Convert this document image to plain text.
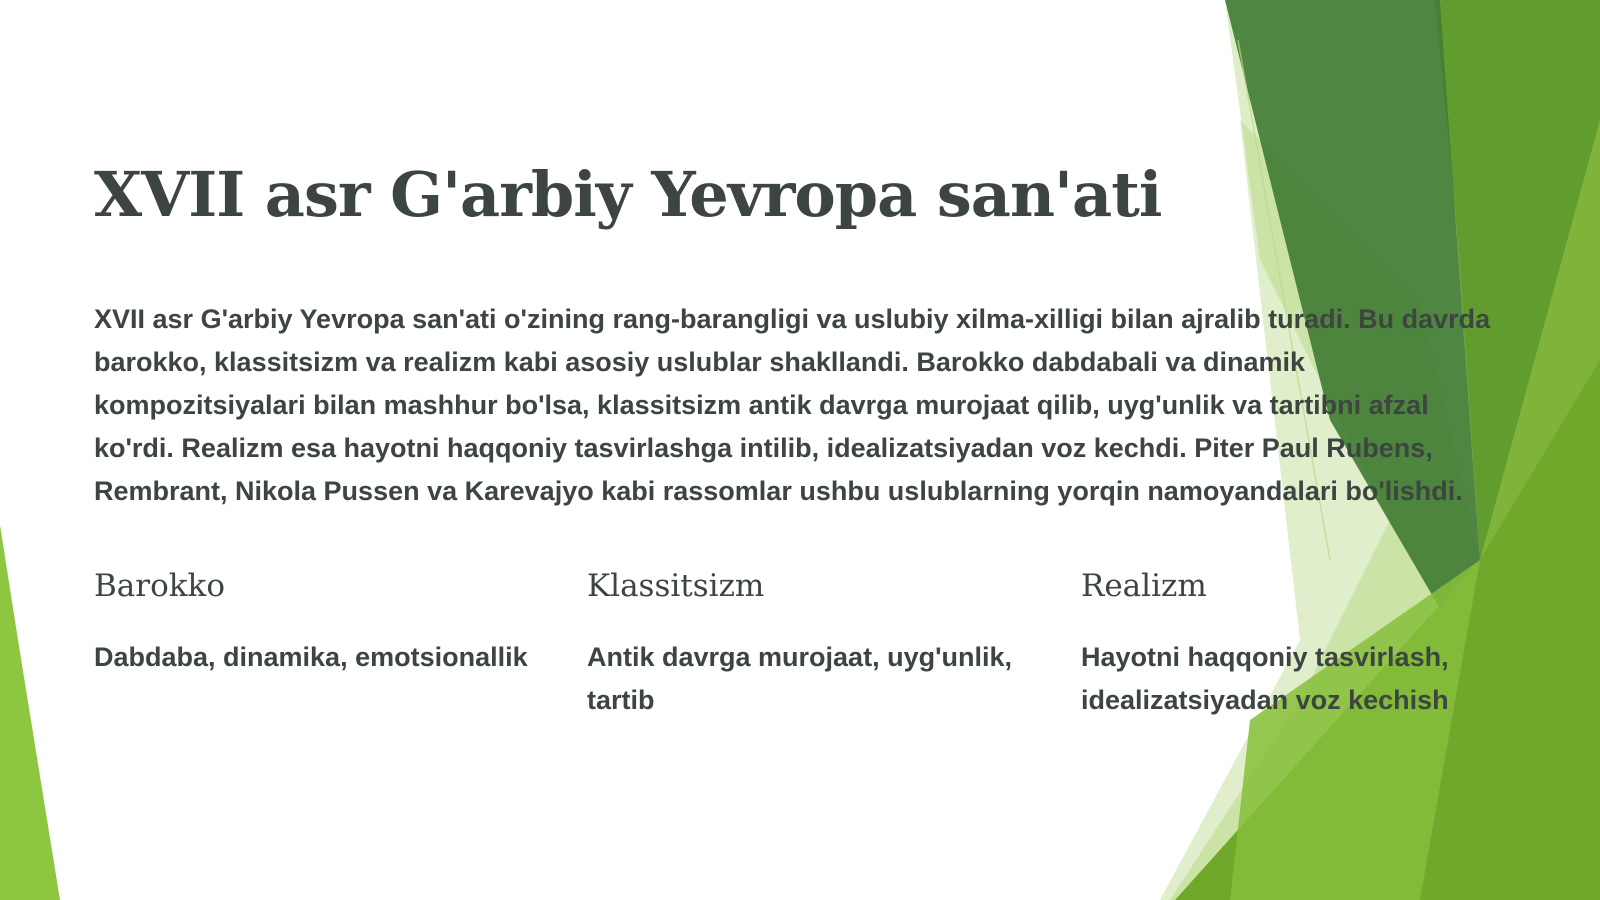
XVII asr G'arbiy Yevropa san'ati

XVII asr G'arbiy Yevropa san'ati o'zining rang-barangligi va uslubiy xilma-xilligi bilan ajralib turadi. Bu davrda barokko, klassitsizm va realizm kabi asosiy uslublar shakllandi. Barokko dabdabali va dinamik kompozitsiyalari bilan mashhur bo'lsa, klassitsizm antik davrga murojaat qilib, uyg'unlik va tartibni afzal ko'rdi. Realizm esa hayotni haqqoniy tasvirlashga intilib, idealizatsiyadan voz kechdi. Piter Paul Rubens, Rembrant, Nikola Pussen va Karevajyo kabi rassomlar ushbu uslublarning yorqin namoyandalari bo'lishdi.

Barokko

Dabdaba, dinamika, emotsionallik

Klassitsizm

Antik davrga murojaat, uyg'unlik, tartib

Realizm

Hayotni haqqoniy tasvirlash, idealizatsiyadan voz kechish
